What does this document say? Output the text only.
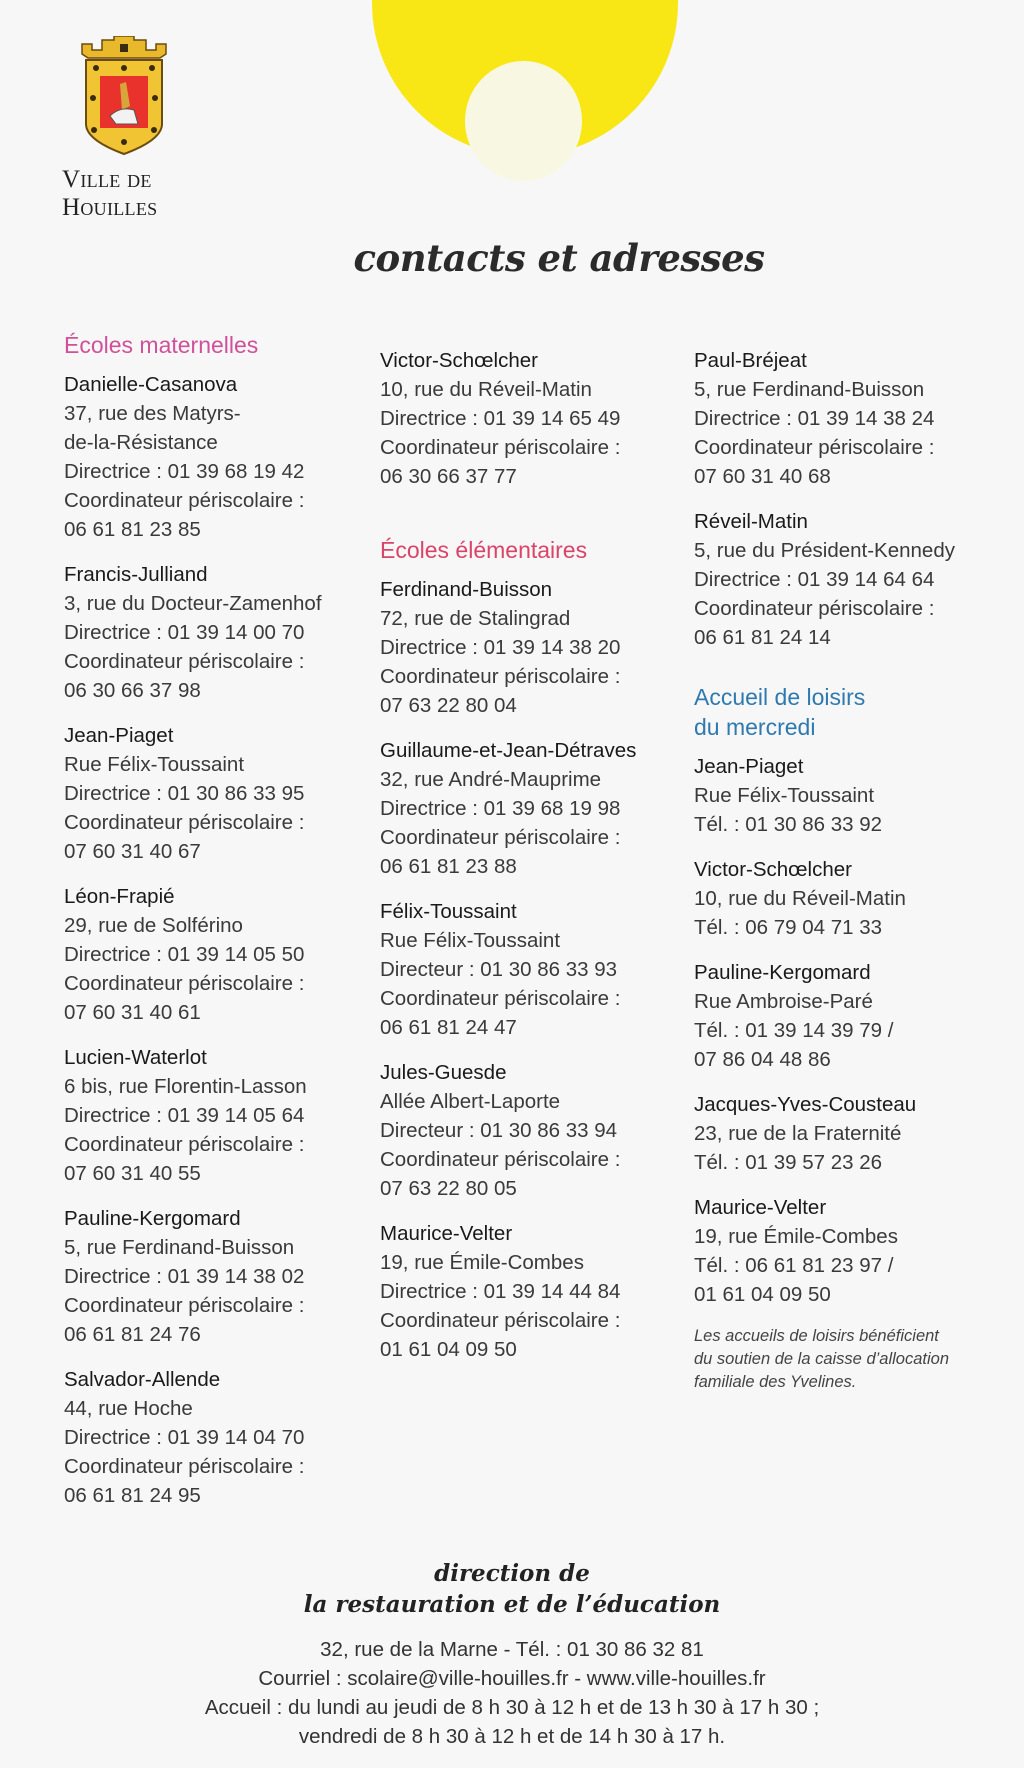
Ville de
Houilles
contacts et adresses
Écoles maternelles
Danielle-Casanova
37, rue des Matyrs-
de-la-Résistance
Directrice : 01 39 68 19 42
Coordinateur périscolaire :
06 61 81 23 85
Francis-Julliand
3, rue du Docteur-Zamenhof
Directrice : 01 39 14 00 70
Coordinateur périscolaire :
06 30 66 37 98
Jean-Piaget
Rue Félix-Toussaint
Directrice : 01 30 86 33 95
Coordinateur périscolaire :
07 60 31 40 67
Léon-Frapié
29, rue de Solférino
Directrice : 01 39 14 05 50
Coordinateur périscolaire :
07 60 31 40 61
Lucien-Waterlot
6 bis, rue Florentin-Lasson
Directrice : 01 39 14 05 64
Coordinateur périscolaire :
07 60 31 40 55
Pauline-Kergomard
5, rue Ferdinand-Buisson
Directrice : 01 39 14 38 02
Coordinateur périscolaire :
06 61 81 24 76
Salvador-Allende
44, rue Hoche
Directrice : 01 39 14 04 70
Coordinateur périscolaire :
06 61 81 24 95
Victor-Schœlcher
10, rue du Réveil-Matin
Directrice : 01 39 14 65 49
Coordinateur périscolaire :
06 30 66 37 77
Écoles élémentaires
Ferdinand-Buisson
72, rue de Stalingrad
Directrice : 01 39 14 38 20
Coordinateur périscolaire :
07 63 22 80 04
Guillaume-et-Jean-Détraves
32, rue André-Mauprime
Directrice : 01 39 68 19 98
Coordinateur périscolaire :
06 61 81 23 88
Félix-Toussaint
Rue Félix-Toussaint
Directeur : 01 30 86 33 93
Coordinateur périscolaire :
06 61 81 24 47
Jules-Guesde
Allée Albert-Laporte
Directeur : 01 30 86 33 94
Coordinateur périscolaire :
07 63 22 80 05
Maurice-Velter
19, rue Émile-Combes
Directrice : 01 39 14 44 84
Coordinateur périscolaire :
01 61 04 09 50
Paul-Bréjeat
5, rue Ferdinand-Buisson
Directrice : 01 39 14 38 24
Coordinateur périscolaire :
07 60 31 40 68
Réveil-Matin
5, rue du Président-Kennedy
Directrice : 01 39 14 64 64
Coordinateur périscolaire :
06 61 81 24 14
Accueil de loisirs
du mercredi
Jean-Piaget
Rue Félix-Toussaint
Tél. : 01 30 86 33 92
Victor-Schœlcher
10, rue du Réveil-Matin
Tél. : 06 79 04 71 33
Pauline-Kergomard
Rue Ambroise-Paré
Tél. : 01 39 14 39 79 /
07 86 04 48 86
Jacques-Yves-Cousteau
23, rue de la Fraternité
Tél. : 01 39 57 23 26
Maurice-Velter
19, rue Émile-Combes
Tél. : 06 61 81 23 97 /
01 61 04 09 50
Les accueils de loisirs bénéficient
du soutien de la caisse d’allocation
familiale des Yvelines.
direction de
la restauration et de l’éducation
32, rue de la Marne - Tél. : 01 30 86 32 81
Courriel : scolaire@ville-houilles.fr - www.ville-houilles.fr
Accueil : du lundi au jeudi de 8 h 30 à 12 h et de 13 h 30 à 17 h 30 ;
vendredi de 8 h 30 à 12 h et de 14 h 30 à 17 h.
